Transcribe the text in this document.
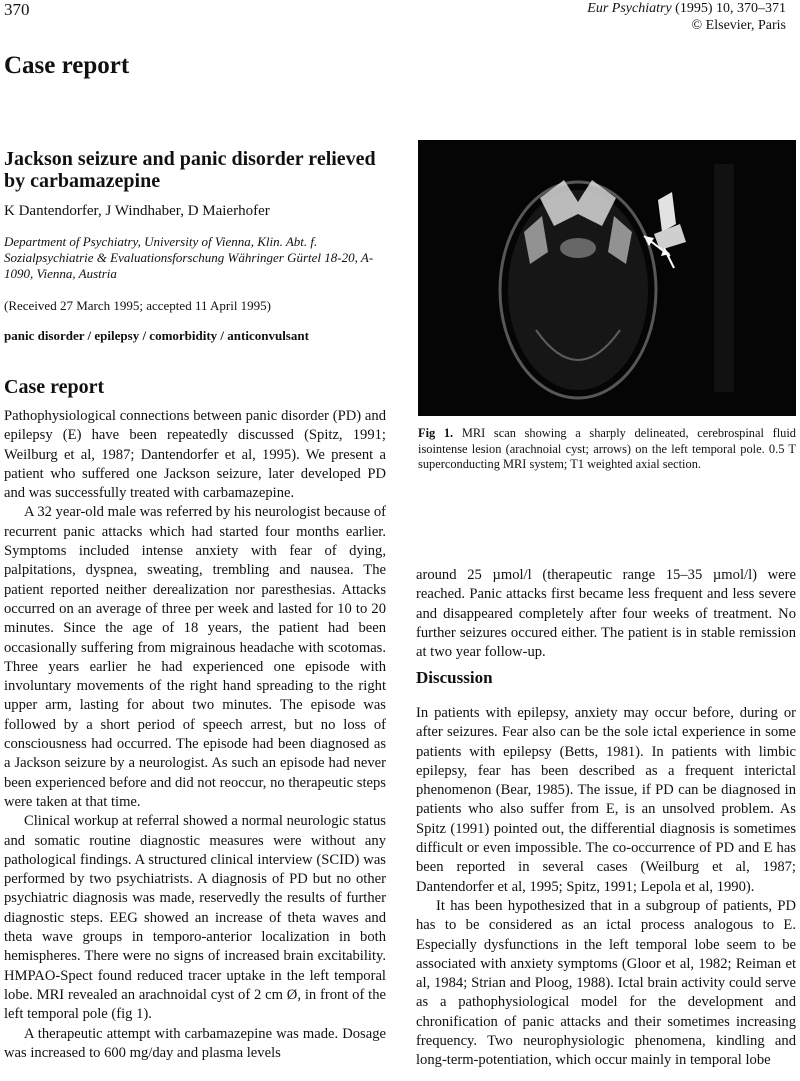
370	Eur Psychiatry (1995) 10, 370–371
© Elsevier, Paris
Case report
Jackson seizure and panic disorder relieved by carbamazepine
K Dantendorfer, J Windhaber, D Maierhofer
Department of Psychiatry, University of Vienna, Klin. Abt. f. Sozialpsychiatrie & Evaluationsforschung Währinger Gürtel 18-20, A-1090, Vienna, Austria
(Received 27 March 1995; accepted 11 April 1995)
panic disorder / epilepsy / comorbidity / anticonvulsant
Case report

Pathophysiological connections between panic disorder (PD) and epilepsy (E) have been repeatedly discussed (Spitz, 1991; Weilburg et al, 1987; Dantendorfer et al, 1995). We present a patient who suffered one Jackson seizure, later developed PD and was successfully treated with carbamazepine.

A 32 year-old male was referred by his neurologist because of recurrent panic attacks which had started four months earlier. Symptoms included intense anxiety with fear of dying, palpitations, dyspnea, sweating, trembling and nausea. The patient reported neither derealization nor paresthesias. Attacks occurred on an average of three per week and lasted for 10 to 20 minutes. Since the age of 18 years, the patient had been occasionally suffering from migrainous headache with scotomas. Three years earlier he had experienced one episode with involuntary movements of the right hand spreading to the right upper arm, lasting for about two minutes. The episode was followed by a short period of speech arrest, but no loss of consciousness had occurred. The episode had been diagnosed as a Jackson seizure by a neurologist. As such an episode had never been experienced before and did not reoccur, no therapeutic steps were taken at that time.

Clinical workup at referral showed a normal neurologic status and somatic routine diagnostic measures were without any pathological findings. A structured clinical interview (SCID) was performed by two psychiatrists. A diagnosis of PD but no other psychiatric diagnosis was made, reservedly the results of further diagnostic steps. EEG showed an increase of theta waves and theta wave groups in temporo-anterior localization in both hemispheres. There were no signs of increased brain excitability. HMPAO-Spect found reduced tracer uptake in the left temporal lobe. MRI revealed an arachnoidal cyst of 2 cm Ø, in front of the left temporal pole (fig 1).

A therapeutic attempt with carbamazepine was made. Dosage was increased to 600 mg/day and plasma levels

Fig 1. MRI scan showing a sharply delineated, cerebrospinal fluid isointense lesion (arachnoial cyst; arrows) on the left temporal pole. 0.5 T superconducting MRI system; T1 weighted axial section.

around 25 µmol/l (therapeutic range 15–35 µmol/l) were reached. Panic attacks first became less frequent and less severe and disappeared completely after four weeks of treatment. No further seizures occured either. The patient is in stable remission at two year follow-up.

Discussion

In patients with epilepsy, anxiety may occur before, during or after seizures. Fear also can be the sole ictal experience in some patients with epilepsy (Betts, 1981). In patients with limbic epilepsy, fear has been described as a frequent interictal phenomenon (Bear, 1985). The issue, if PD can be diagnosed in patients who also suffer from E, is an unsolved problem. As Spitz (1991) pointed out, the differential diagnosis is sometimes difficult or even impossible. The co-occurrence of PD and E has been reported in several cases (Weilburg et al, 1987; Dantendorfer et al, 1995; Spitz, 1991; Lepola et al, 1990).

It has been hypothesized that in a subgroup of patients, PD has to be considered as an ictal process analogous to E. Especially dysfunctions in the left temporal lobe seem to be associated with anxiety symptoms (Gloor et al, 1982; Reiman et al, 1984; Strian and Ploog, 1988). Ictal brain activity could serve as a pathophysiological model for the development and chronification of panic attacks and their sometimes increasing frequency. Two neurophysiologic phenomena, kindling and long-term-potentiation, which occur mainly in temporal lobe
